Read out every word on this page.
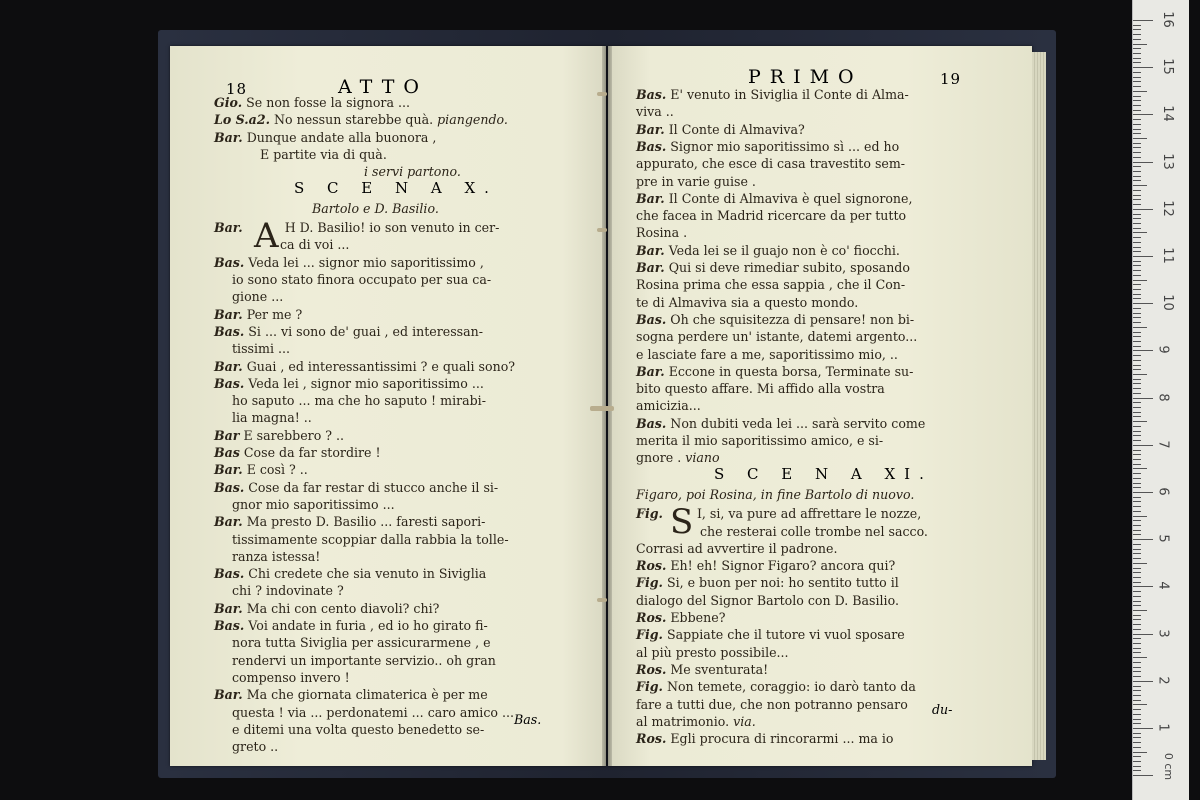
18	ATTO	PRIMO	19
Gio. Se non fosse la signora ...
Lo S.a2. No nessun starebbe quà. piangendo.
Bar. Dunque andate alla buonora ,
E partite via di quà.
i servi partono.
S C E N A X.
Bartolo e D. Basilio.
A
Bar.	H D. Basilio! io son venuto in cer-
ca di voi ...
Bas. Veda lei ... signor mio saporitissimo ,
io sono stato finora occupato per sua ca-
gione ...
Bar. Per me ?
Bas. Si ... vi sono de' guai , ed interessan-
tissimi ...
Bar. Guai , ed interessantissimi ? e quali sono?
Bas. Veda lei , signor mio saporitissimo ...
ho saputo ... ma che ho saputo ! mirabi-
lia magna! ..
Bar E sarebbero ? ..
Bas Cose da far stordire !
Bar. E così ? ..
Bas. Cose da far restar di stucco anche il si-
gnor mio saporitissimo ...
Bar. Ma presto D. Basilio ... faresti sapori-
tissimamente scoppiar dalla rabbia la tolle-
ranza istessa!
Bas. Chi credete che sia venuto in Siviglia
chi ? indovinate ?
Bar. Ma chi con cento diavoli? chi?
Bas. Voi andate in furia , ed io ho girato fi-
nora tutta Siviglia per assicurarmene , e
rendervi un importante servizio.. oh gran
compenso invero !
Bar. Ma che giornata climaterica è per me
questa ! via ... perdonatemi ... caro amico ...
e ditemi una volta questo benedetto se-
greto ..
Bas.
Bas. E' venuto in Siviglia il Conte di Alma-
viva ..
Bar. Il Conte di Almaviva?
Bas. Signor mio saporitissimo sì ... ed ho
appurato, che esce di casa travestito sem-
pre in varie guise .
Bar. Il Conte di Almaviva è quel signorone,
che facea in Madrid ricercare da per tutto
Rosina .
Bar. Veda lei se il guajo non è co' fiocchi.
Bar. Qui si deve rimediar subito, sposando
Rosina prima che essa sappia , che il Con-
te di Almaviva sia a questo mondo.
Bas. Oh che squisitezza di pensare! non bi-
sogna perdere un' istante, datemi argento...
e lasciate fare a me, saporitissimo mio, ..
Bar. Eccone in questa borsa, Terminate su-
bito questo affare. Mi affido alla vostra
amicizia...
Bas. Non dubiti veda lei ... sarà servito come
merita il mio saporitissimo amico, e si-
gnore . viano
S C E N A XI.
Figaro, poi Rosina, in fine Bartolo di nuovo.
S
Fig.	I, si, va pure ad affrettare le nozze,
che resterai colle trombe nel sacco.
Corrasi ad avvertire il padrone.
Ros. Eh! eh! Signor Figaro? ancora qui?
Fig. Si, e buon per noi: ho sentito tutto il
dialogo del Signor Bartolo con D. Basilio.
Ros. Ebbene?
Fig. Sappiate che il tutore vi vuol sposare
al più presto possibile...
Ros. Me sventurata!
Fig. Non temete, coraggio: io darò tanto da
fare a tutti due, che non potranno pensaro
al matrimonio. via.
Ros. Egli procura di rincorarmi ... ma io
du-
0 cm
16
15
14
13
12
11
10
9
8
7
6
5
4
3
2
1
